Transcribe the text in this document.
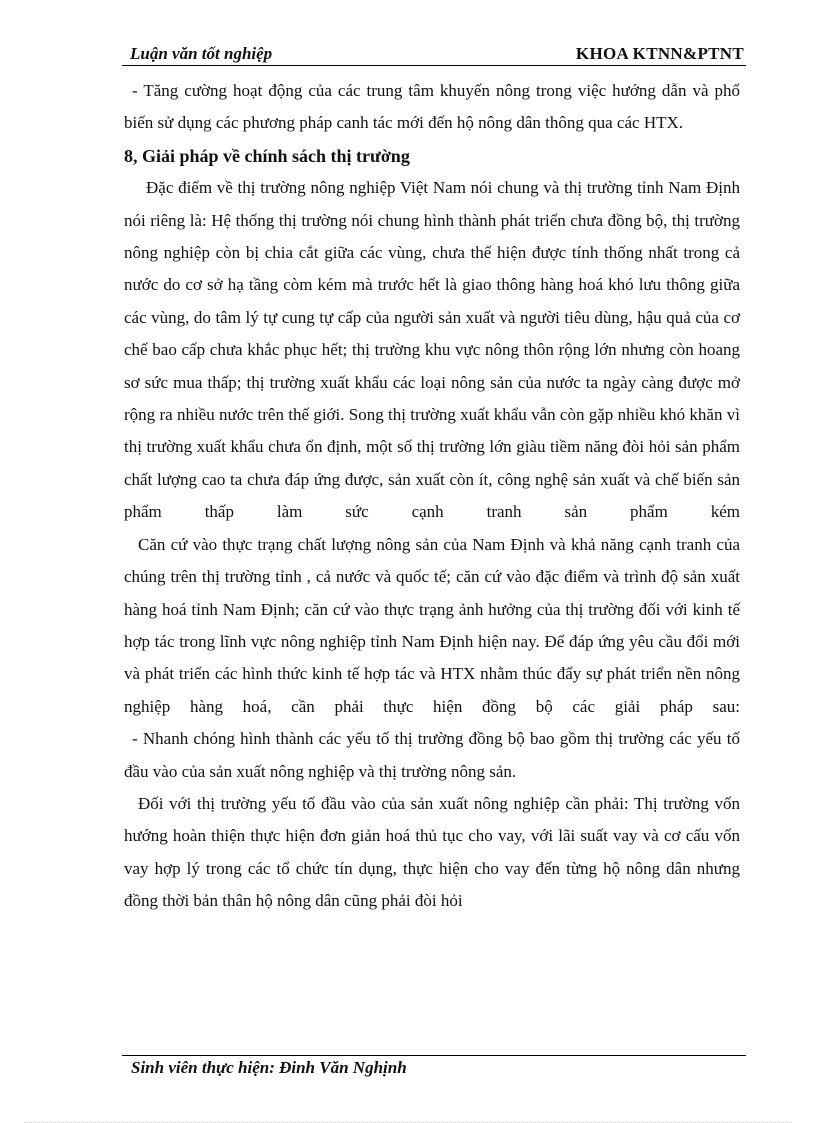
Luận văn tốt nghiệp	KHOA KTNN&PTNT

- Tăng cường hoạt động của các trung tâm khuyến nông trong việc hướng dẫn và phổ biến sử dụng các phương pháp canh tác mới đến hộ nông dân thông qua các HTX.

8, Giải pháp về chính sách thị trường

Đặc điểm về thị trường nông nghiệp Việt Nam nói chung và thị trường tỉnh Nam Định nói riêng là: Hệ thống thị trường nói chung hình thành phát triển chưa đồng bộ, thị trường nông nghiệp còn bị chia cắt giữa các vùng, chưa thể hiện được tính thống nhất trong cả nước do cơ sở hạ tầng còm kém mà trước hết là giao thông hàng hoá khó lưu thông giữa các vùng, do tâm lý tự cung tự cấp của người sản xuất và người tiêu dùng, hậu quả của cơ chế bao cấp chưa khắc phục hết; thị trường khu vực nông thôn rộng lớn nhưng còn hoang sơ sức mua thấp; thị trường xuất khẩu các loại nông sản của nước ta ngày càng được mở rộng ra nhiều nước trên thế giới. Song thị trường xuất khẩu vẫn còn gặp nhiều khó khăn vì thị trường xuất khẩu chưa ổn định, một số thị trường lớn giàu tiềm năng đòi hỏi sản phẩm chất lượng cao ta chưa đáp ứng được, sản xuất còn ít, công nghệ sản xuất và chế biến sản phẩm thấp làm sức cạnh tranh sản phẩm kém

Căn cứ vào thực trạng chất lượng nông sản của Nam Định và khả năng cạnh tranh của chúng trên thị trường tỉnh , cả nước và quốc tế; căn cứ vào đặc điểm và trình độ sản xuất hàng hoá tỉnh Nam Định; căn cứ vào thực trạng ảnh hưởng của thị trường đối với kinh tế hợp tác trong lĩnh vực nông nghiệp tỉnh Nam Định hiện nay. Để đáp ứng yêu cầu đổi mới và phát triển các hình thức kinh tế hợp tác và HTX nhằm thúc đẩy sự phát triển nền nông nghiệp hàng hoá, cần phải thực hiện đồng bộ các giải pháp sau:

- Nhanh chóng hình thành các yếu tố thị trường đồng bộ bao gồm thị trường các yếu tố đầu vào của sản xuất nông nghiệp và thị trường nông sản.

Đối với thị trường yếu tố đầu vào của sản xuất nông nghiệp cần phải: Thị trường vốn hướng hoàn thiện thực hiện đơn giản hoá thủ tục cho vay, với lãi suất vay và cơ cấu vốn vay hợp lý trong các tổ chức tín dụng, thực hiện cho vay đến từng hộ nông dân nhưng đồng thời bản thân hộ nông dân cũng phải đòi hỏi

Sinh viên thực hiện: Đinh Văn Nghịnh
